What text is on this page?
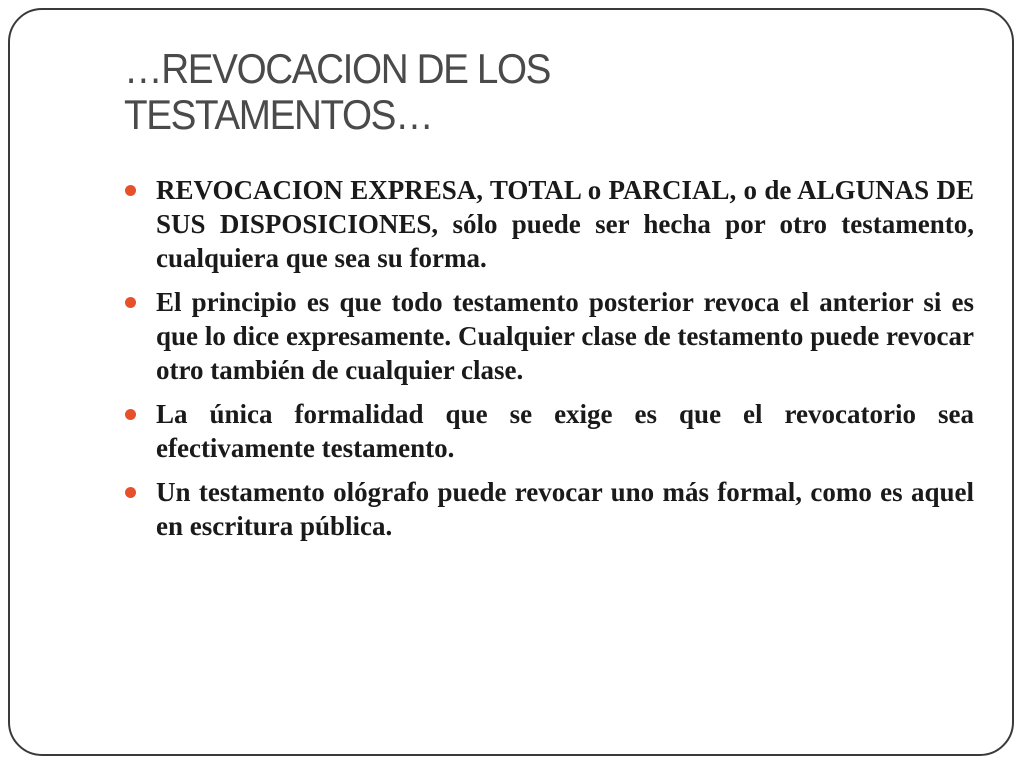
…REVOCACION DE LOS TESTAMENTOS…
REVOCACION EXPRESA, TOTAL o PARCIAL, o de ALGUNAS DE SUS DISPOSICIONES, sólo puede ser hecha por otro testamento, cualquiera que sea su forma.
El principio es que todo testamento posterior revoca el anterior si es que lo dice expresamente. Cualquier clase de testamento puede revocar otro también de cualquier clase.
La única formalidad que se exige es que el revocatorio sea efectivamente testamento.
Un testamento ológrafo puede revocar uno más formal, como es aquel en escritura pública.
